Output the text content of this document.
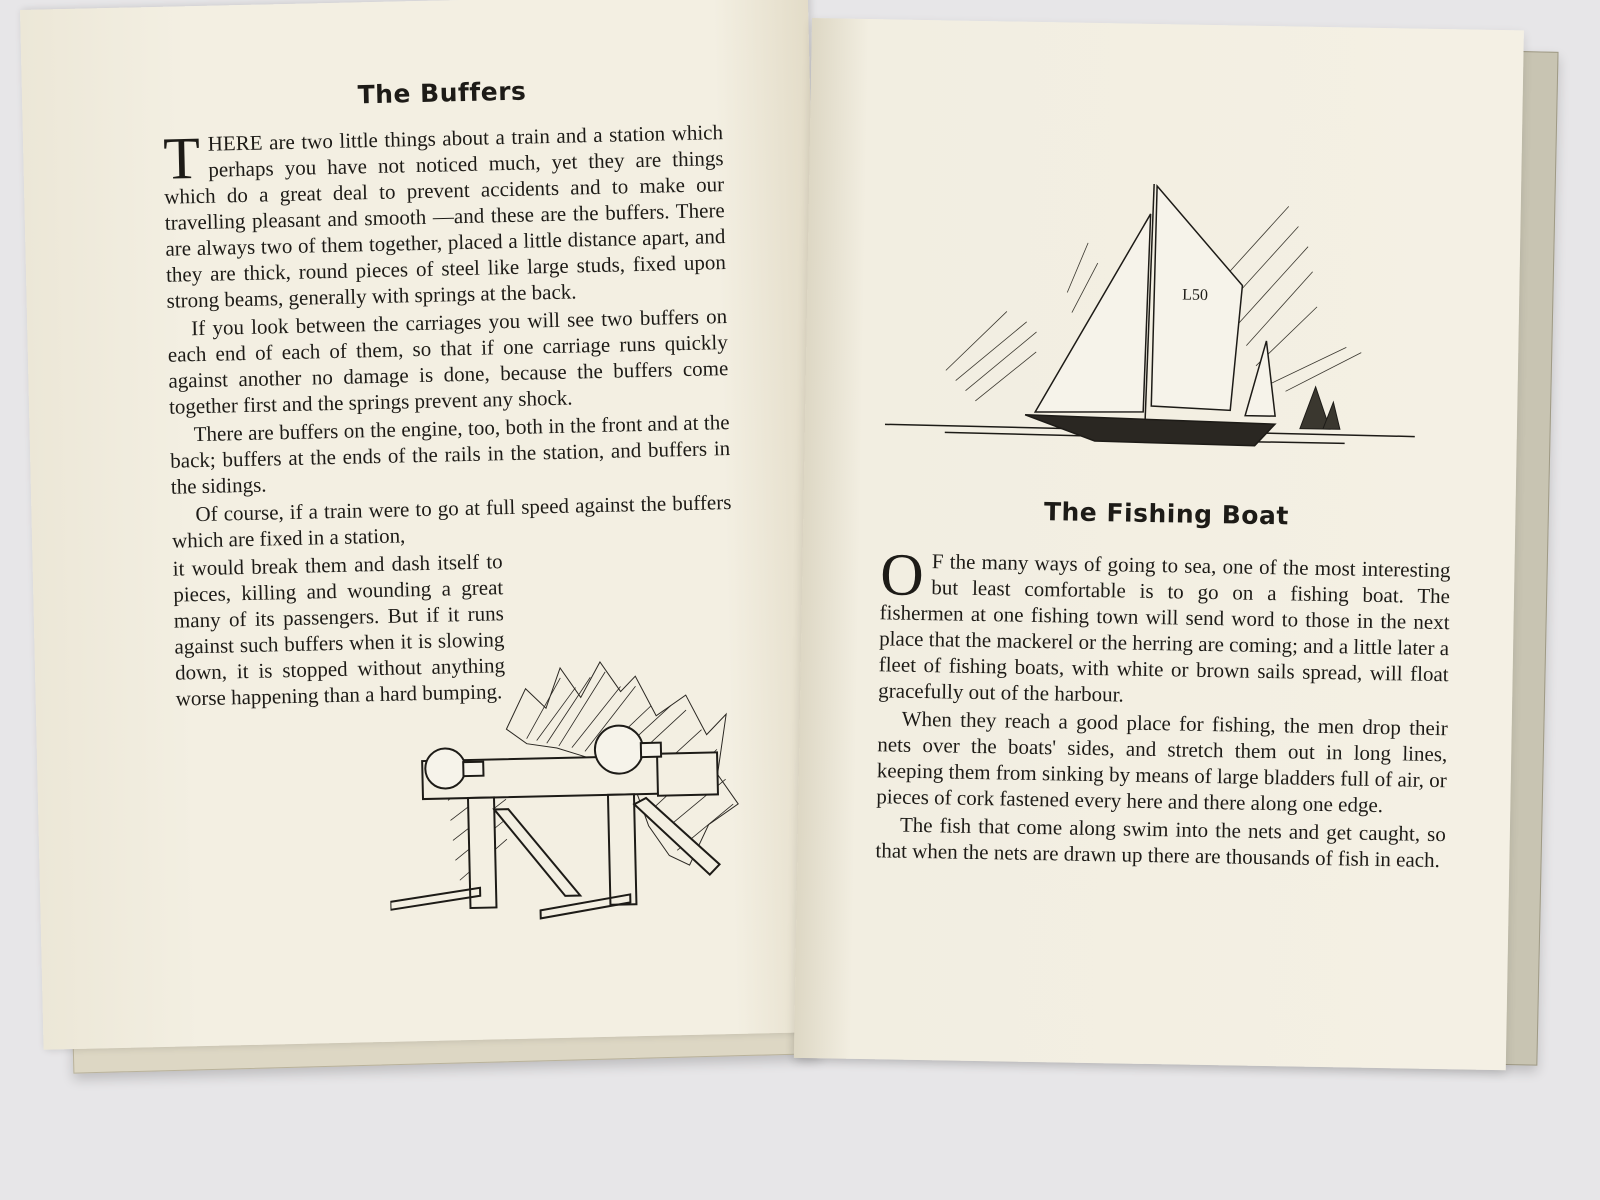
The Buffers

THERE are two little things about a train and a station which perhaps you have not noticed much, yet they are things which do a great deal to prevent accidents and to make our travelling pleasant and smooth —and these are the buffers. There are always two of them together, placed a little distance apart, and they are thick, round pieces of steel like large studs, fixed upon strong beams, generally with springs at the back.

If you look between the carriages you will see two buffers on each end of each of them, so that if one carriage runs quickly against another no damage is done, because the buffers come together first and the springs prevent any shock.

There are buffers on the engine, too, both in the front and at the back; buffers at the ends of the rails in the station, and buffers in the sidings.

Of course, if a train were to go at full speed against the buffers which are fixed in a station,

it would break them and dash itself to pieces, killing and wounding a great many of its passengers. But if it runs against such buffers when it is slowing down, it is stopped without anything worse happening than a hard bumping.

L50
The Fishing Boat

O F the many ways of going to sea, one of the most interesting but least comfortable is to go on a fishing boat. The fishermen at one fishing town will send word to those in the next place that the mackerel or the herring are coming; and a little later a fleet of fishing boats, with white or brown sails spread, will float gracefully out of the harbour.

When they reach a good place for fishing, the men drop their nets over the boats' sides, and stretch them out in long lines, keeping them from sinking by means of large bladders full of air, or pieces of cork fastened every here and there along one edge.

The fish that come along swim into the nets and get caught, so that when the nets are drawn up there are thousands of fish in each.
